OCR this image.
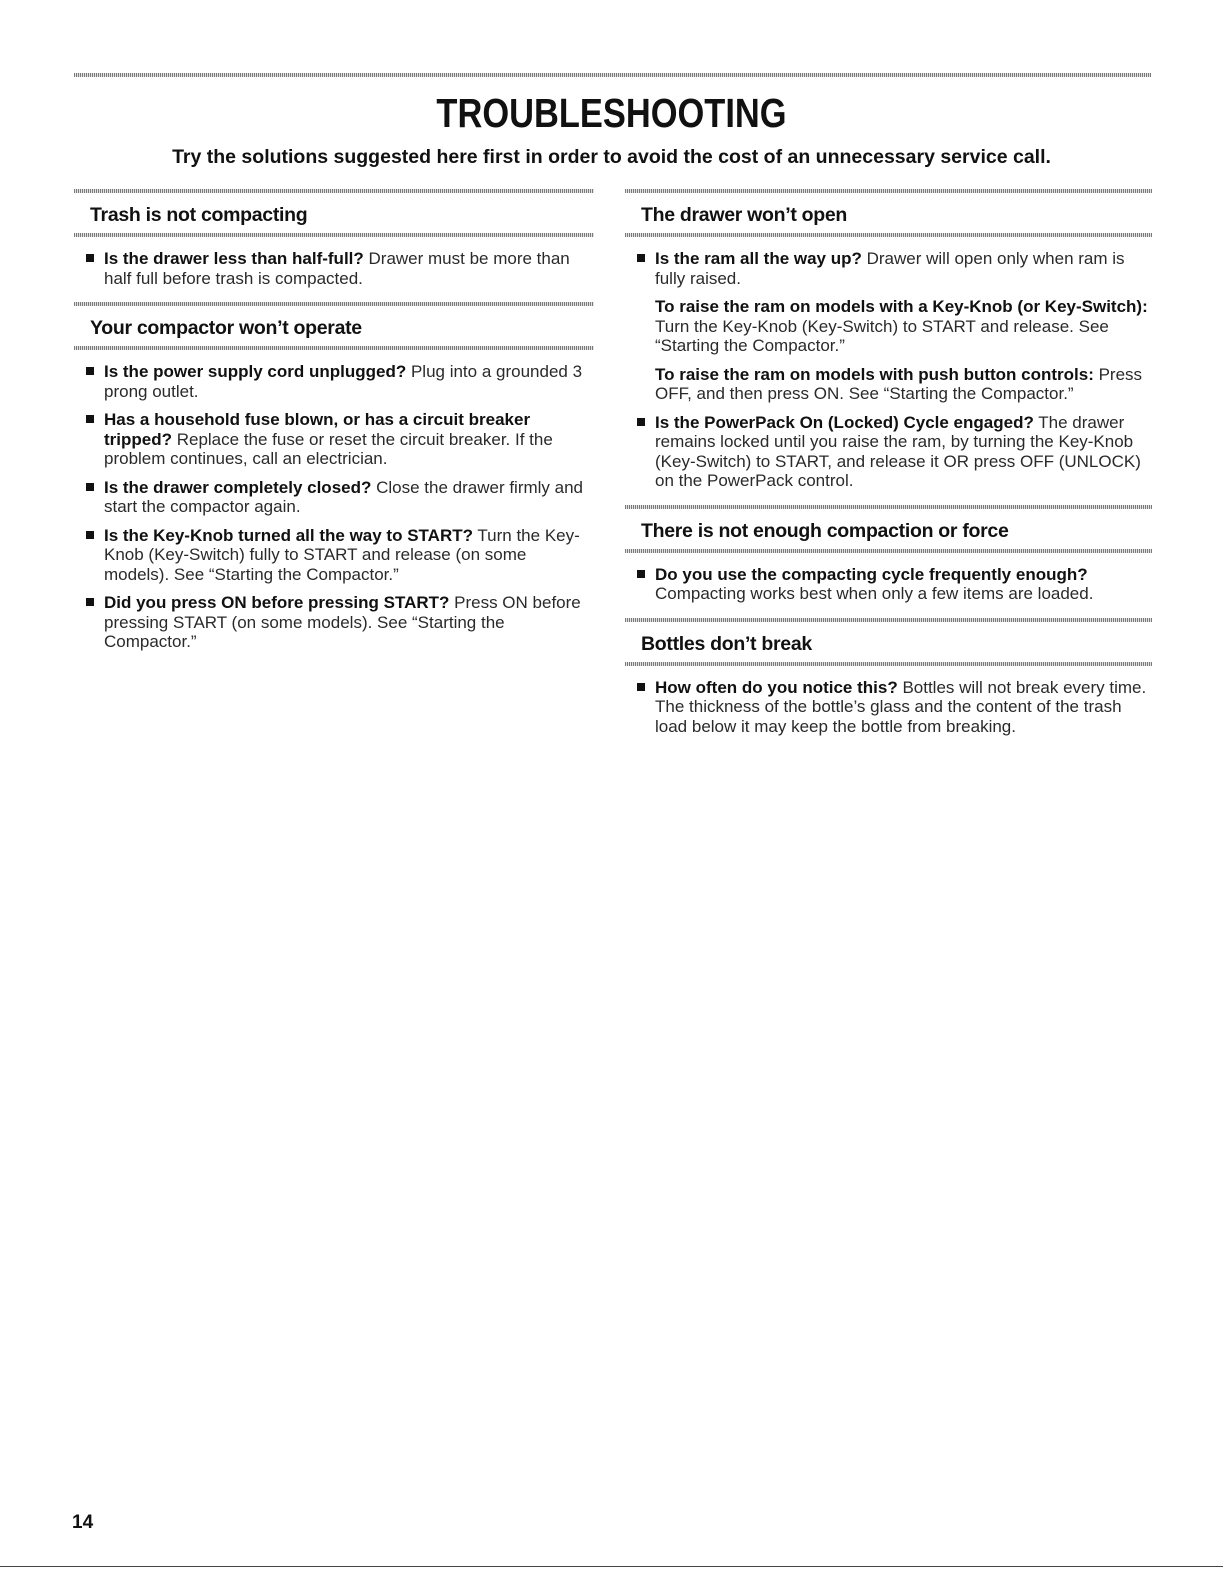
TROUBLESHOOTING
Try the solutions suggested here first in order to avoid the cost of an unnecessary service call.
Trash is not compacting
Is the drawer less than half-full? Drawer must be more than half full before trash is compacted.
Your compactor won’t operate
Is the power supply cord unplugged? Plug into a grounded 3 prong outlet.
Has a household fuse blown, or has a circuit breaker tripped? Replace the fuse or reset the circuit breaker. If the problem continues, call an electrician.
Is the drawer completely closed? Close the drawer firmly and start the compactor again.
Is the Key-Knob turned all the way to START? Turn the Key-Knob (Key-Switch) fully to START and release (on some models). See “Starting the Compactor.”
Did you press ON before pressing START? Press ON before pressing START (on some models). See “Starting the Compactor.”
The drawer won’t open
Is the ram all the way up? Drawer will open only when ram is fully raised.
To raise the ram on models with a Key-Knob (or Key-Switch): Turn the Key-Knob (Key-Switch) to START and release. See “Starting the Compactor.”
To raise the ram on models with push button controls: Press OFF, and then press ON. See “Starting the Compactor.”
Is the PowerPack On (Locked) Cycle engaged? The drawer remains locked until you raise the ram, by turning the Key-Knob (Key-Switch) to START, and release it OR press OFF (UNLOCK) on the PowerPack control.
There is not enough compaction or force
Do you use the compacting cycle frequently enough? Compacting works best when only a few items are loaded.
Bottles don’t break
How often do you notice this? Bottles will not break every time. The thickness of the bottle’s glass and the content of the trash load below it may keep the bottle from breaking.
14
